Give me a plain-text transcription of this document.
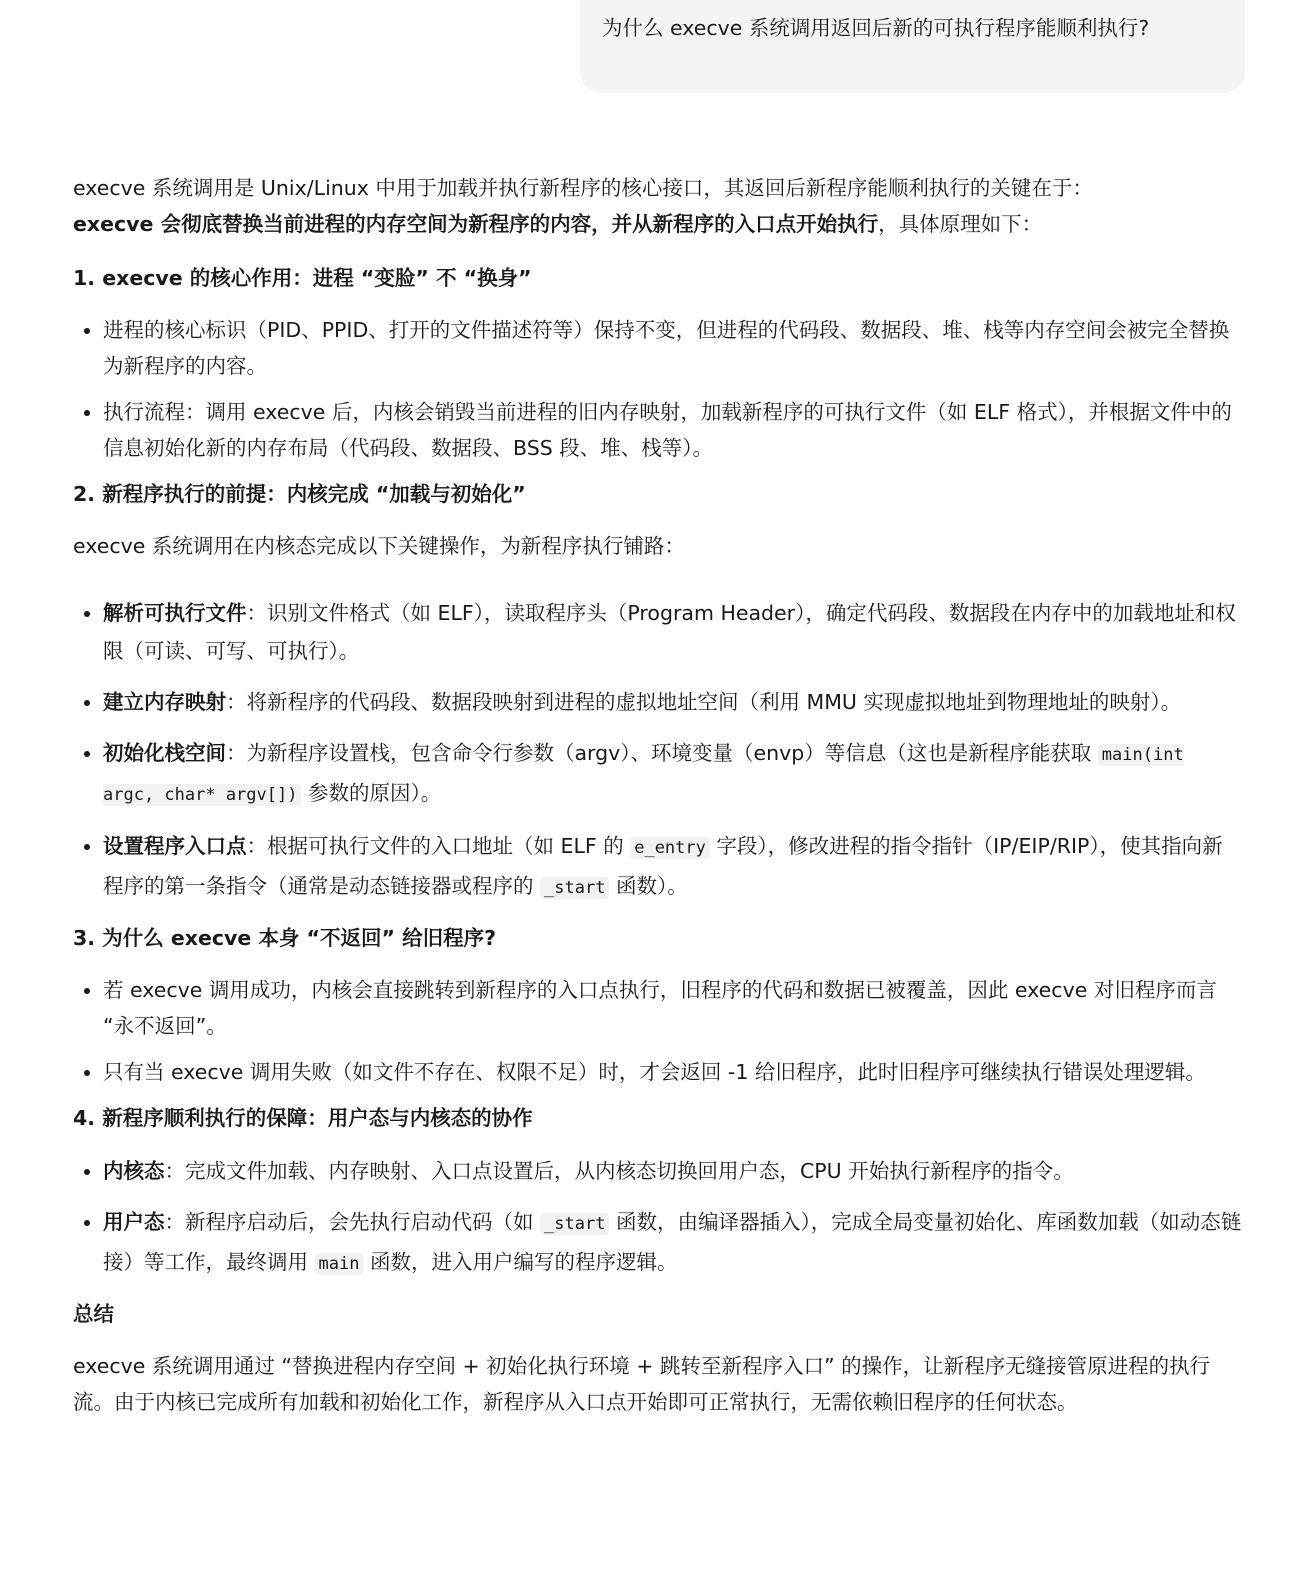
为什么 execve 系统调用返回后新的可执行程序能顺利执行?

execve 系统调用是 Unix/Linux 中用于加载并执行新程序的核心接口，其返回后新程序能顺利执行的关键在于：
execve 会彻底替换当前进程的内存空间为新程序的内容，并从新程序的入口点开始执行，具体原理如下：

1. execve 的核心作用：进程 “变脸” 不 “换身”
• 进程的核心标识（PID、PPID、打开的文件描述符等）保持不变，但进程的代码段、数据段、堆、栈等内存空间会被完全替换为新程序的内容。
• 执行流程：调用 execve 后，内核会销毁当前进程的旧内存映射，加载新程序的可执行文件（如 ELF 格式），并根据文件中的信息初始化新的内存布局（代码段、数据段、BSS 段、堆、栈等）。
2. 新程序执行的前提：内核完成 “加载与初始化”

execve 系统调用在内核态完成以下关键操作，为新程序执行铺路：

• 解析可执行文件：识别文件格式（如 ELF），读取程序头（Program Header），确定代码段、数据段在内存中的加载地址和权限（可读、可写、可执行）。
• 建立内存映射：将新程序的代码段、数据段映射到进程的虚拟地址空间（利用 MMU 实现虚拟地址到物理地址的映射）。
• 初始化栈空间：为新程序设置栈，包含命令行参数（argv）、环境变量（envp）等信息（这也是新程序能获取 main(int argc, char* argv[]) 参数的原因）。
• 设置程序入口点：根据可执行文件的入口地址（如 ELF 的 e_entry 字段），修改进程的指令指针（IP/EIP/RIP），使其指向新程序的第一条指令（通常是动态链接器或程序的 _start 函数）。
3. 为什么 execve 本身 “不返回” 给旧程序?
• 若 execve 调用成功，内核会直接跳转到新程序的入口点执行，旧程序的代码和数据已被覆盖，因此 execve 对旧程序而言 “永不返回”。
• 只有当 execve 调用失败（如文件不存在、权限不足）时，才会返回 -1 给旧程序，此时旧程序可继续执行错误处理逻辑。
4. 新程序顺利执行的保障：用户态与内核态的协作
• 内核态：完成文件加载、内存映射、入口点设置后，从内核态切换回用户态，CPU 开始执行新程序的指令。
• 用户态：新程序启动后，会先执行启动代码（如 _start 函数，由编译器插入），完成全局变量初始化、库函数加载（如动态链接）等工作，最终调用 main 函数，进入用户编写的程序逻辑。
总结

execve 系统调用通过 “替换进程内存空间 + 初始化执行环境 + 跳转至新程序入口” 的操作，让新程序无缝接管原进程的执行流。由于内核已完成所有加载和初始化工作，新程序从入口点开始即可正常执行，无需依赖旧程序的任何状态。
